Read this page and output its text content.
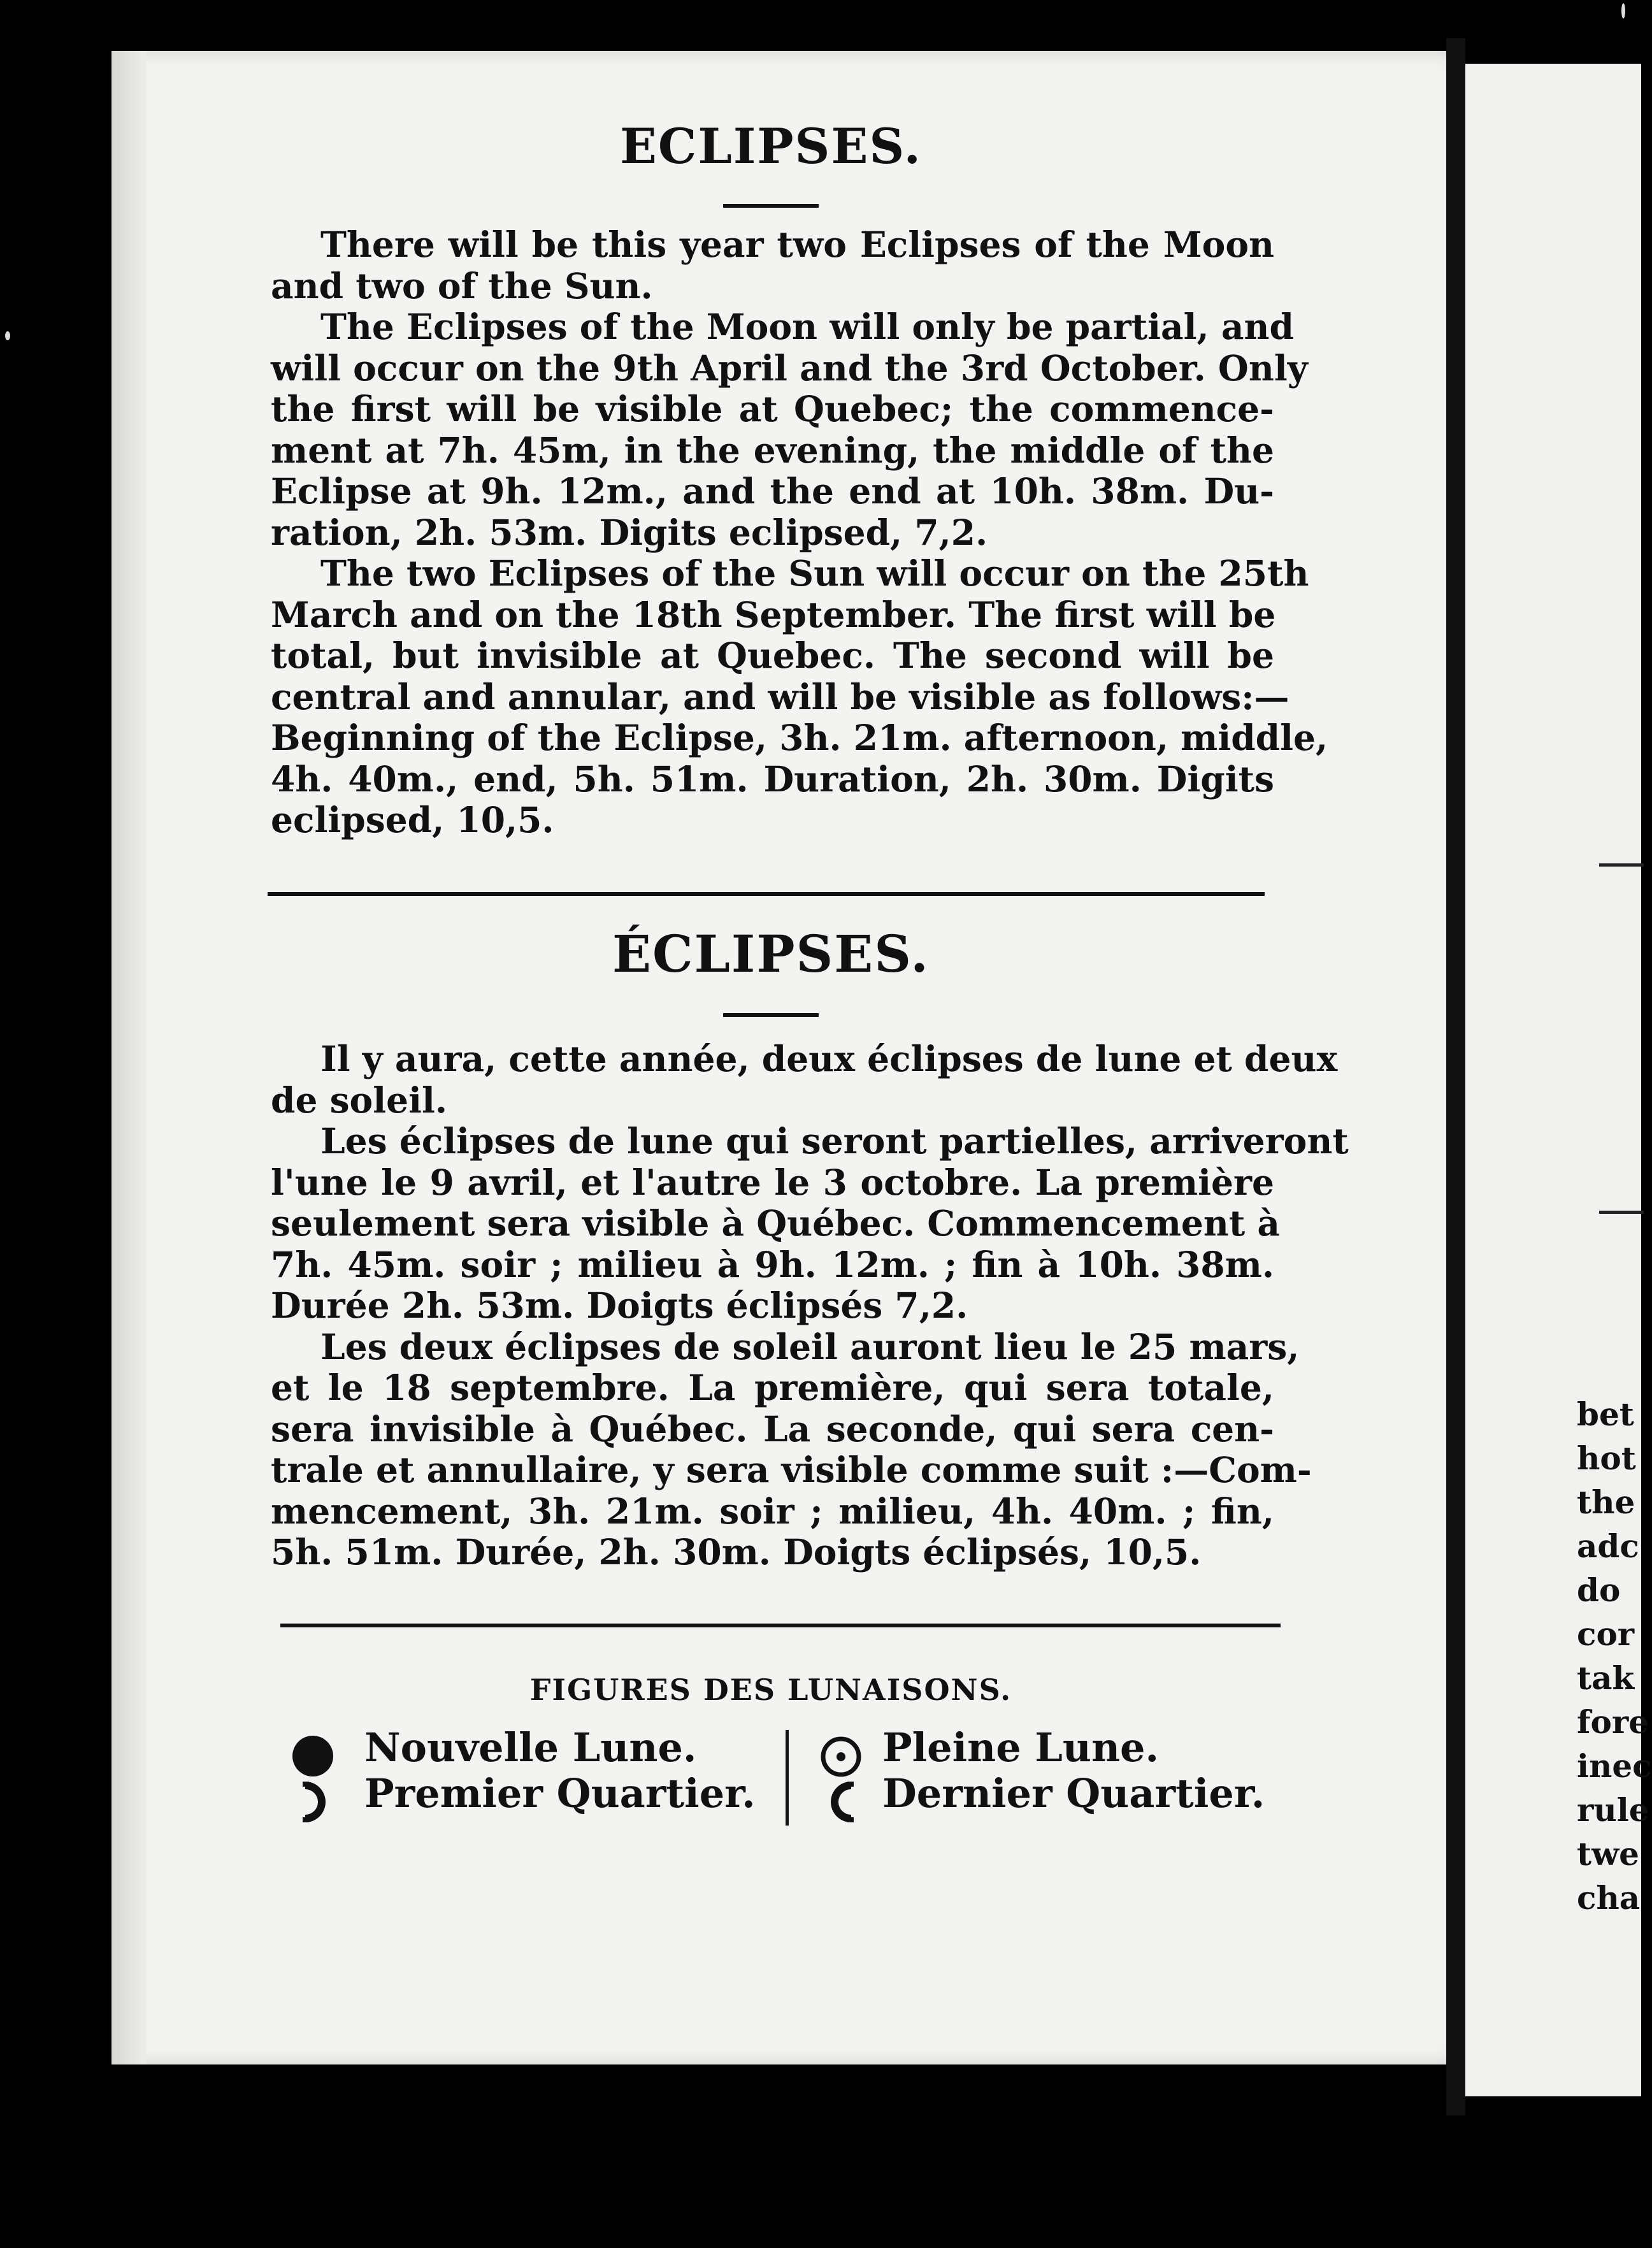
bet
hot
the
adc
do
cor
tak
fore
inec
rule
twe
cha
ECLIPSES.
There will be this year two Eclipses of the Moon
and two of the Sun.
The Eclipses of the Moon will only be partial, and
will occur on the 9th April and the 3rd October. Only
the first will be visible at Quebec; the commence-
ment at 7h. 45m, in the evening, the middle of the
Eclipse at 9h. 12m., and the end at 10h. 38m. Du-
ration, 2h. 53m. Digits eclipsed, 7,2.
The two Eclipses of the Sun will occur on the 25th
March and on the 18th September. The first will be
total, but invisible at Quebec. The second will be
central and annular, and will be visible as follows:—
Beginning of the Eclipse, 3h. 21m. afternoon, middle,
4h. 40m., end, 5h. 51m. Duration, 2h. 30m. Digits
eclipsed, 10,5.
ÉCLIPSES.
Il y aura, cette année, deux éclipses de lune et deux
de soleil.
Les éclipses de lune qui seront partielles, arriveront
l'une le 9 avril, et l'autre le 3 octobre. La première
seulement sera visible à Québec. Commencement à
7h. 45m. soir ; milieu à 9h. 12m. ; fin à 10h. 38m.
Durée 2h. 53m. Doigts éclipsés 7,2.
Les deux éclipses de soleil auront lieu le 25 mars,
et le 18 septembre. La première, qui sera totale,
sera invisible à Québec. La seconde, qui sera cen-
trale et annullaire, y sera visible comme suit :—Com-
mencement, 3h. 21m. soir ; milieu, 4h. 40m. ; fin,
5h. 51m. Durée, 2h. 30m. Doigts éclipsés, 10,5.
FIGURES DES LUNAISONS.
Nouvelle Lune.	Pleine Lune.
Premier Quartier.	Dernier Quartier.
